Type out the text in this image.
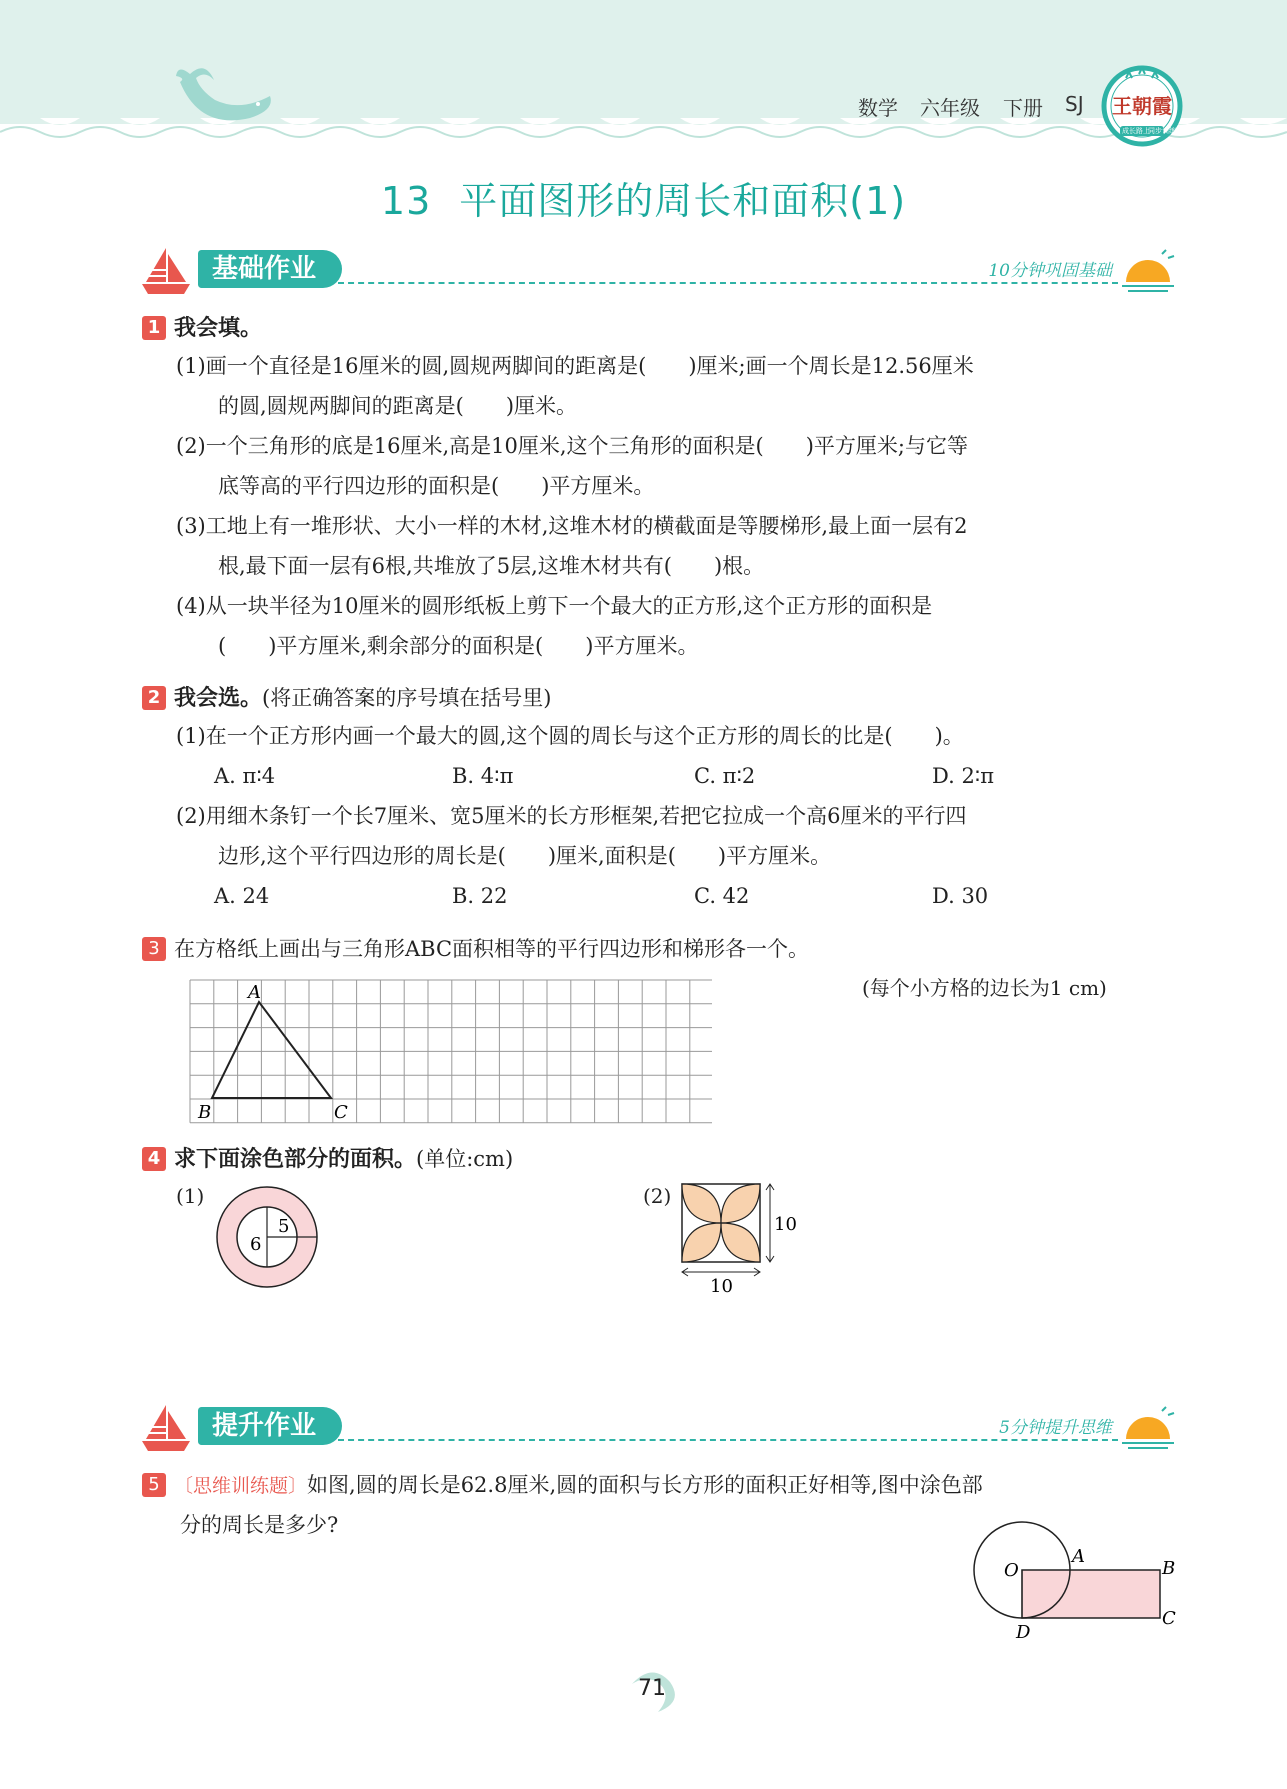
数学 六年级 下册 SJ 王朝霞
成长路上
同步训练
13 平面图形的周长和面积(1)
基础作业	10分钟巩固基础
1 我会填。
(1)画一个直径是16厘米的圆,圆规两脚间的距离是(　　)厘米;画一个周长是12.56厘米
的圆,圆规两脚间的距离是(　　)厘米。
(2)一个三角形的底是16厘米,高是10厘米,这个三角形的面积是(　　)平方厘米;与它等
底等高的平行四边形的面积是(　　)平方厘米。
(3)工地上有一堆形状、大小一样的木材,这堆木材的横截面是等腰梯形,最上面一层有2
根,最下面一层有6根,共堆放了5层,这堆木材共有(　　)根。
(4)从一块半径为10厘米的圆形纸板上剪下一个最大的正方形,这个正方形的面积是
(　　)平方厘米,剩余部分的面积是(　　)平方厘米。
2 我会选。(将正确答案的序号填在括号里)
(1)在一个正方形内画一个最大的圆,这个圆的周长与这个正方形的周长的比是(　　)。
A. π∶4	B. 4∶π	C. π∶2	D. 2∶π
(2)用细木条钉一个长7厘米、宽5厘米的长方形框架,若把它拉成一个高6厘米的平行四
边形,这个平行四边形的周长是(　　)厘米,面积是(　　)平方厘米。
A. 24	B. 22	C. 42	D. 30
3 在方格纸上画出与三角形ABC面积相等的平行四边形和梯形各一个。
(每个小方格的边长为1 cm)
A
B	C
4 求下面涂色部分的面积。(单位:cm)
(1)
6
5
(2)
10
10
提升作业	5分钟提升思维
5 〔思维训练题〕如图,圆的周长是62.8厘米,圆的面积与长方形的面积正好相等,图中涂色部
分的周长是多少?
O
A
B
C
D
71
